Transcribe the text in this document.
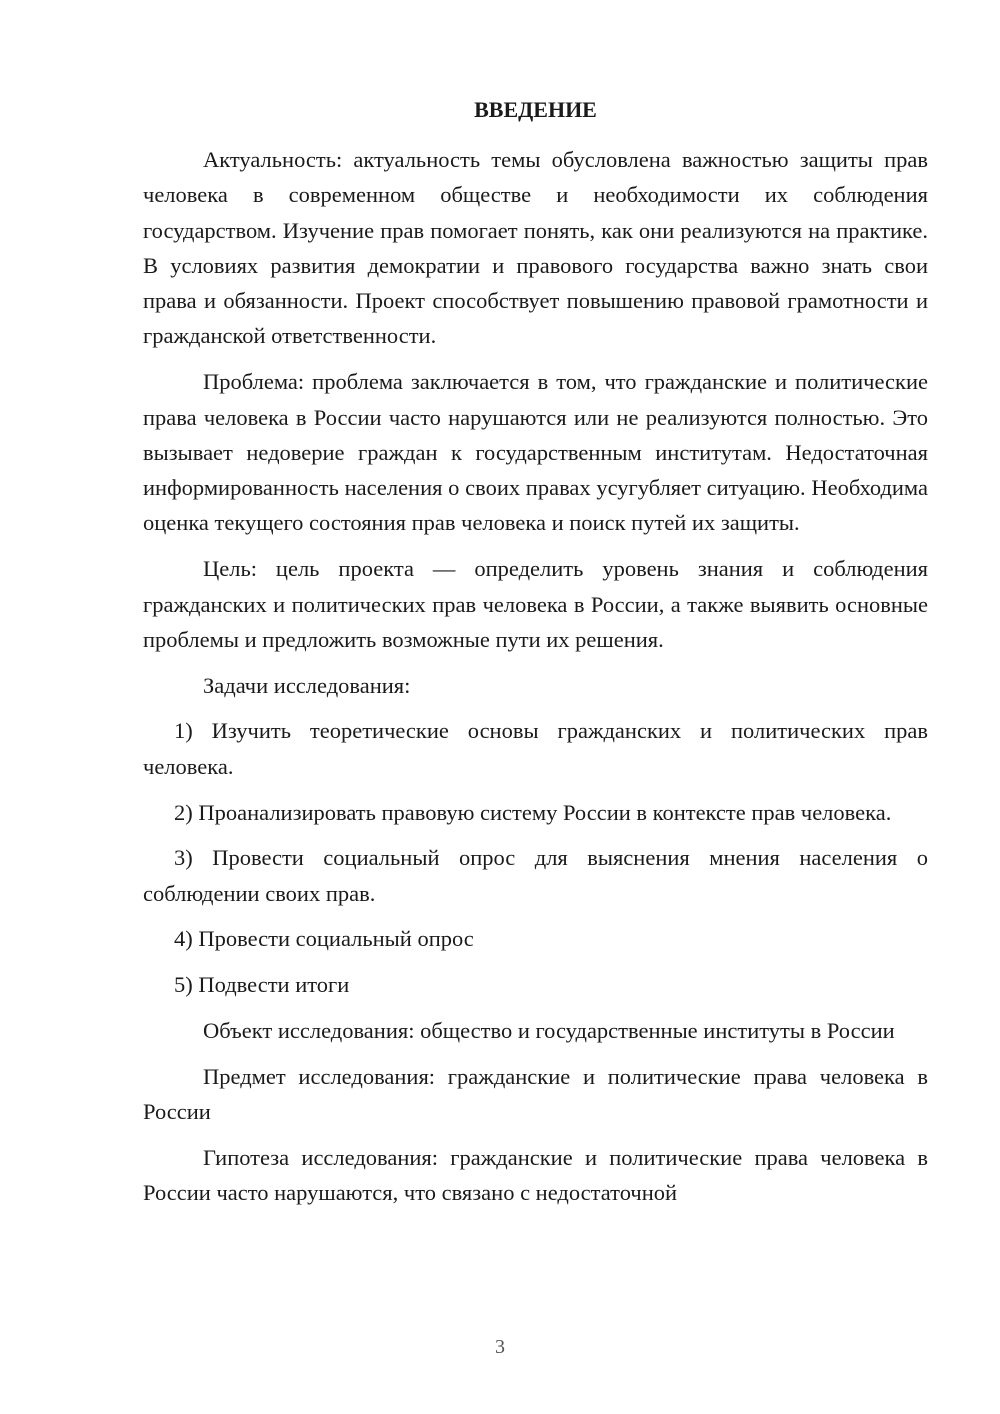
ВВЕДЕНИЕ

Актуальность: актуальность темы обусловлена важностью защиты прав человека в современном обществе и необходимости их соблюдения государством. Изучение прав помогает понять, как они реализуются на практике. В условиях развития демократии и правового государства важно знать свои права и обязанности. Проект способствует повышению правовой грамотности и гражданской ответственности.

Проблема: проблема заключается в том, что гражданские и политические права человека в России часто нарушаются или не реализуются полностью. Это вызывает недоверие граждан к государственным институтам. Недостаточная информированность населения о своих правах усугубляет ситуацию. Необходима оценка текущего состояния прав человека и поиск путей их защиты.

Цель: цель проекта — определить уровень знания и соблюдения гражданских и политических прав человека в России, а также выявить основные проблемы и предложить возможные пути их решения.

Задачи исследования:

1) Изучить теоретические основы гражданских и политических прав человека.

2) Проанализировать правовую систему России в контексте прав человека.

3) Провести социальный опрос для выяснения мнения населения о соблюдении своих прав.

4) Провести социальный опрос

5) Подвести итоги

Объект исследования: общество и государственные институты в России

Предмет исследования: гражданские и политические права человека в России

Гипотеза исследования: гражданские и политические права человека в России часто нарушаются, что связано с недостаточной

3
